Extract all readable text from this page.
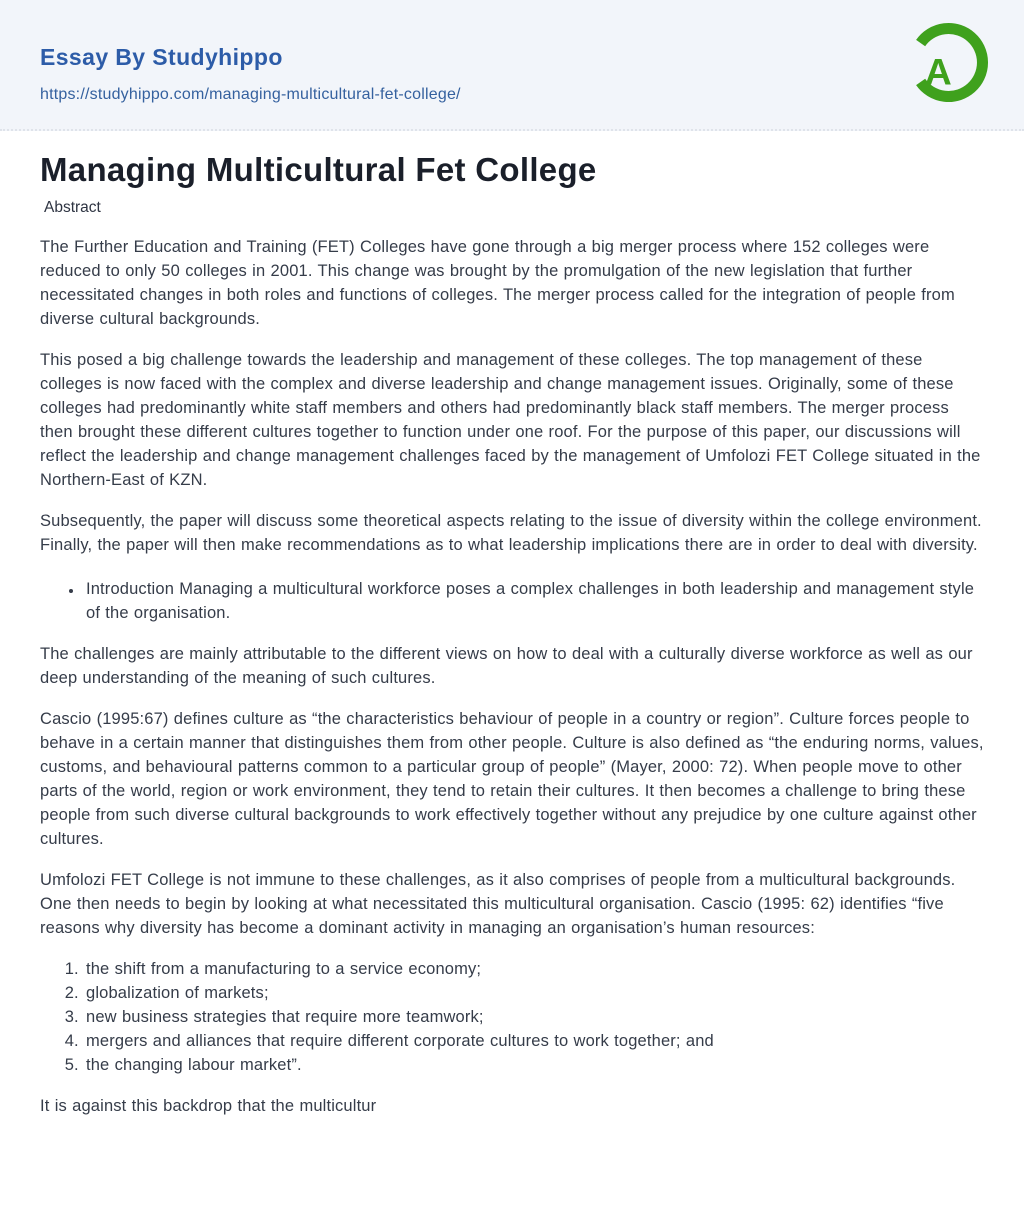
Essay By Studyhippo
https://studyhippo.com/managing-multicultural-fet-college/
A
Managing Multicultural Fet College
Abstract

The Further Education and Training (FET) Colleges have gone through a big merger process where 152 colleges were reduced to only 50 colleges in 2001. This change was brought by the promulgation of the new legislation that further necessitated changes in both roles and functions of colleges. The merger process called for the integration of people from diverse cultural backgrounds.

This posed a big challenge towards the leadership and management of these colleges. The top management of these colleges is now faced with the complex and diverse leadership and change management issues. Originally, some of these colleges had predominantly white staff members and others had predominantly black staff members. The merger process then brought these different cultures together to function under one roof. For the purpose of this paper, our discussions will reflect the leadership and change management challenges faced by the management of Umfolozi FET College situated in the Northern-East of KZN.

Subsequently, the paper will discuss some theoretical aspects relating to the issue of diversity within the college environment. Finally, the paper will then make recommendations as to what leadership implications there are in order to deal with diversity.

• Introduction Managing a multicultural workforce poses a complex challenges in both leadership and management style of the organisation.

The challenges are mainly attributable to the different views on how to deal with a culturally diverse workforce as well as our deep understanding of the meaning of such cultures.

Cascio (1995:67) defines culture as “the characteristics behaviour of people in a country or region”. Culture forces people to behave in a certain manner that distinguishes them from other people. Culture is also defined as “the enduring norms, values, customs, and behavioural patterns common to a particular group of people” (Mayer, 2000: 72). When people move to other parts of the world, region or work environment, they tend to retain their cultures. It then becomes a challenge to bring these people from such diverse cultural backgrounds to work effectively together without any prejudice by one culture against other cultures.

Umfolozi FET College is not immune to these challenges, as it also comprises of people from a multicultural backgrounds. One then needs to begin by looking at what necessitated this multicultural organisation. Cascio (1995: 62) identifies “five reasons why diversity has become a dominant activity in managing an organisation’s human resources:

1. the shift from a manufacturing to a service economy;
2. globalization of markets;
3. new business strategies that require more teamwork;
4. mergers and alliances that require different corporate cultures to work together; and
5. the changing labour market”.

It is against this backdrop that the multicultur
